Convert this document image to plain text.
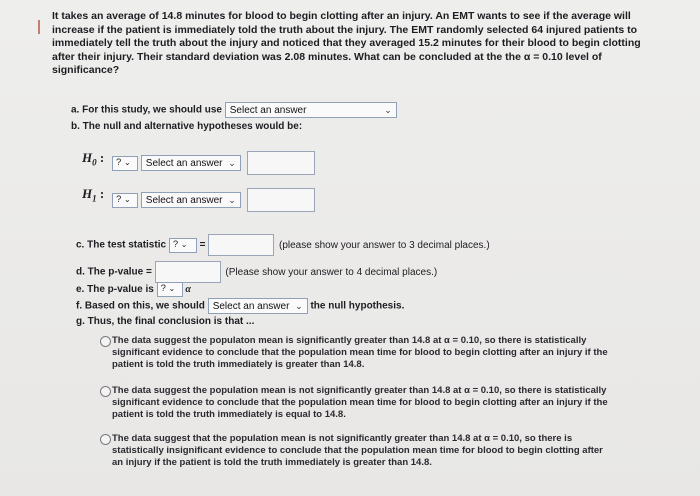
It takes an average of 14.8 minutes for blood to begin clotting after an injury. An EMT wants to see if the average will increase if the patient is immediately told the truth about the injury. The EMT randomly selected 64 injured patients to immediately tell the truth about the injury and noticed that they averaged 15.2 minutes for their blood to begin clotting after their injury. Their standard deviation was 2.08 minutes. What can be concluded at the the α = 0.10 level of significance?
a. For this study, we should use Select an answer	⌄
b. The null and alternative hypotheses would be:
$H_0$ :	? ⌄ Select an answer ⌄

$H_1$ :	? ⌄ Select an answer ⌄

c. The test statistic ? ⌄ =	(please show your answer to 3 decimal places.)
d. The p-value =	(Please show your answer to 4 decimal places.)
e. The p-value is ? ⌄ α
f. Based on this, we should Select an answer ⌄ the null hypothesis.
g. Thus, the final conclusion is that ...
The data suggest the populaton mean is significantly greater than 14.8 at α = 0.10, so there is statistically significant evidence to conclude that the population mean time for blood to begin clotting after an injury if the patient is told the truth immediately is greater than 14.8.
The data suggest the population mean is not significantly greater than 14.8 at α = 0.10, so there is statistically significant evidence to conclude that the population mean time for blood to begin clotting after an injury if the patient is told the truth immediately is equal to 14.8.
The data suggest that the population mean is not significantly greater than 14.8 at α = 0.10, so there is statistically insignificant evidence to conclude that the population mean time for blood to begin clotting after an injury if the patient is told the truth immediately is greater than 14.8.
